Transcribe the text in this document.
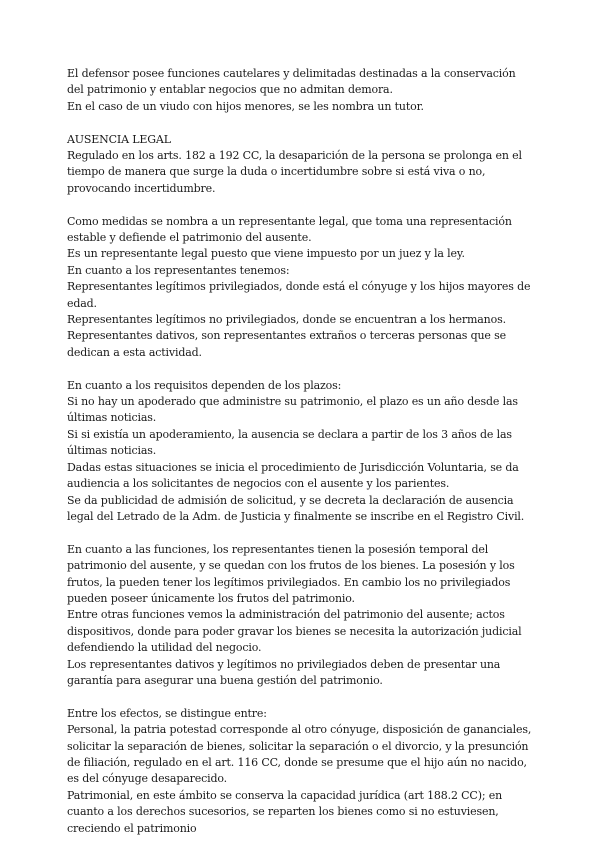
El defensor posee funciones cautelares y delimitadas destinadas a la conservación del patrimonio y entablar negocios que no admitan demora.

En el caso de un viudo con hijos menores, se les nombra un tutor.

AUSENCIA LEGAL

Regulado en los arts. 182 a 192 CC, la desaparición de la persona se prolonga en el tiempo de manera que surge la duda o incertidumbre sobre si está viva o no, provocando incertidumbre.

Como medidas se nombra a un representante legal, que toma una representación estable y defiende el patrimonio del ausente.

Es un representante legal puesto que viene impuesto por un juez y la ley.

En cuanto a los representantes tenemos:

Representantes legítimos privilegiados, donde está el cónyuge y los hijos mayores de edad.

Representantes legítimos no privilegiados, donde se encuentran a los hermanos.

Representantes dativos, son representantes extraños o terceras personas que se dedican a esta actividad.

En cuanto a los requisitos dependen de los plazos:

Si no hay un apoderado que administre su patrimonio, el plazo es un año desde las últimas noticias.

Si si existía un apoderamiento, la ausencia se declara a partir de los 3 años de las últimas noticias.

Dadas estas situaciones se inicia el procedimiento de Jurisdicción Voluntaria, se da audiencia a los solicitantes de negocios con el ausente y los parientes.

Se da publicidad de admisión de solicitud, y se decreta la declaración de ausencia legal del Letrado de la Adm. de Justicia y finalmente se inscribe en el Registro Civil.

En cuanto a las funciones, los representantes tienen la posesión temporal del patrimonio del ausente, y se quedan con los frutos de los bienes. La posesión y los frutos, la pueden tener los legítimos privilegiados. En cambio los no privilegiados pueden poseer únicamente los frutos del patrimonio.

Entre otras funciones vemos la administración del patrimonio del ausente; actos dispositivos, donde para poder gravar los bienes se necesita la autorización judicial defendiendo la utilidad del negocio.

Los representantes dativos y legítimos no privilegiados deben de presentar una garantía para asegurar una buena gestión del patrimonio.

Entre los efectos, se distingue entre:

Personal, la patria potestad corresponde al otro cónyuge, disposición de gananciales, solicitar la separación de bienes, solicitar la separación o el divorcio, y la presunción de filiación, regulado en el art. 116 CC, donde se presume que el hijo aún no nacido, es del cónyuge desaparecido.

Patrimonial, en este ámbito se conserva la capacidad jurídica (art 188.2 CC); en cuanto a los derechos sucesorios, se reparten los bienes como si no estuviesen, creciendo el patrimonio
